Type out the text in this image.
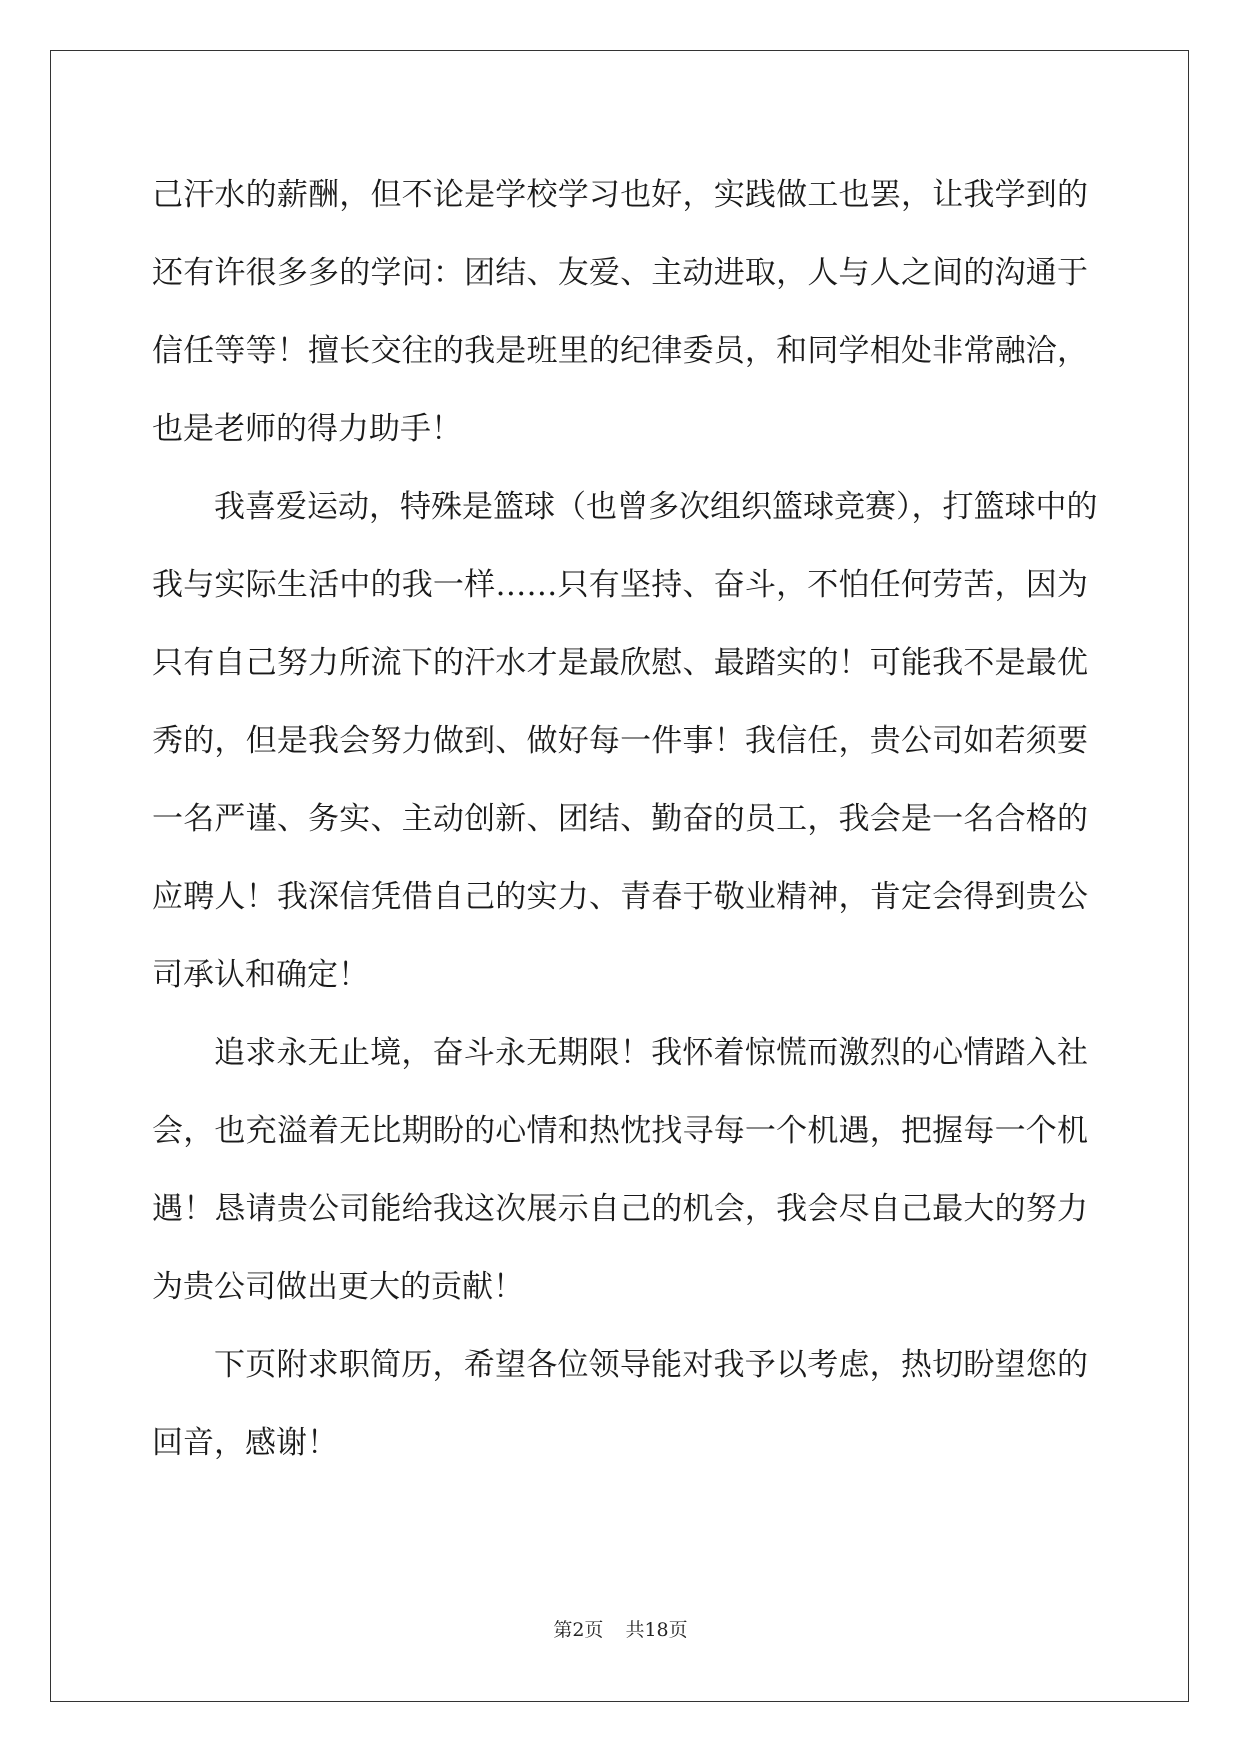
己汗水的薪酬，但不论是学校学习也好，实践做工也罢，让我学到的
还有许很多多的学问：团结、友爱、主动进取，人与人之间的沟通于
信任等等！擅长交往的我是班里的纪律委员，和同学相处非常融洽，
也是老师的得力助手！
我喜爱运动，特殊是篮球（也曾多次组织篮球竞赛），打篮球中的
我与实际生活中的我一样……只有坚持、奋斗，不怕任何劳苦，因为
只有自己努力所流下的汗水才是最欣慰、最踏实的！可能我不是最优
秀的，但是我会努力做到、做好每一件事！我信任，贵公司如若须要
一名严谨、务实、主动创新、团结、勤奋的员工，我会是一名合格的
应聘人！我深信凭借自己的实力、青春于敬业精神，肯定会得到贵公
司承认和确定！
追求永无止境，奋斗永无期限！我怀着惊慌而激烈的心情踏入社
会，也充溢着无比期盼的心情和热忱找寻每一个机遇，把握每一个机
遇！恳请贵公司能给我这次展示自己的机会，我会尽自己最大的努力
为贵公司做出更大的贡献！
下页附求职简历，希望各位领导能对我予以考虑，热切盼望您的
回音，感谢！
第2页 共18页
